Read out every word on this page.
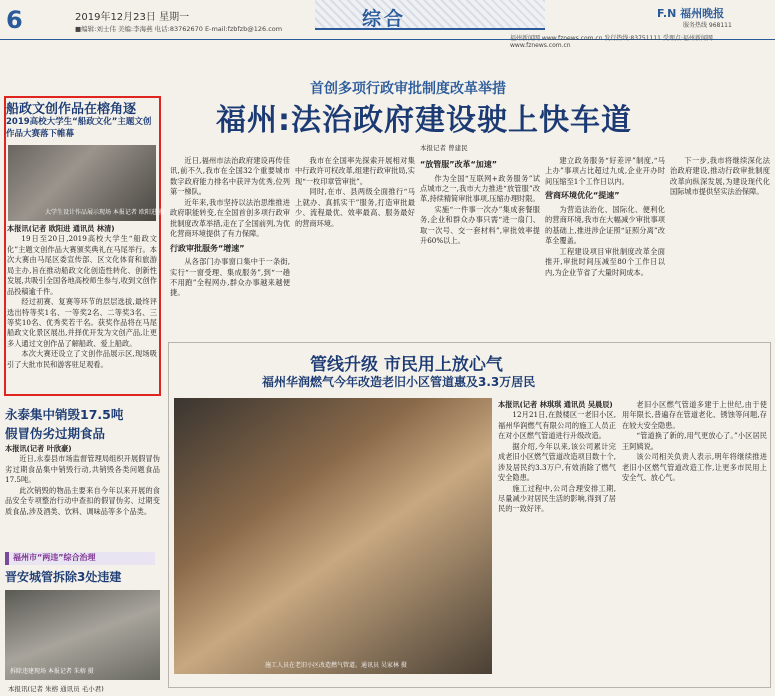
6	2019年12月23日 星期一
■编辑:刘士伟 美编:李海燕 电话:83762670 E-mail:fzbfzb@126.com	综合	F.N 福州晚报
服务热线 968111
福州新闻网 www.fznews.com.cn 发行热线:83751111 受理点:福州新闻网 www.fznews.com.cn
船政文创作品在榕角逐
2019高校大学生“船政文化”主题文创作品大赛落下帷幕
大学生设计作品展示现场 本报记者 欧阳进 摄

本报讯(记者 欧阳进 通讯员 林清)

19日至20日,2019高校大学生“船政文化”主题文创作品大赛颁奖典礼在马尾举行。本次大赛由马尾区委宣传部、区文化体育和旅游局主办,旨在推动船政文化创造性转化、创新性发展,共吸引全国各地高校师生参与,收到文创作品投稿逾千件。

经过初赛、复赛等环节的层层选拔,最终评选出特等奖1名、一等奖2名、二等奖3名、三等奖10名、优秀奖若干名。获奖作品将在马尾船政文化景区展出,并择优开发为文创产品,让更多人通过文创作品了解船政、爱上船政。

本次大赛还设立了文创作品展示区,现场吸引了大批市民和游客驻足观看。

永泰集中销毁17.5吨
假冒伪劣过期食品

本报讯(记者 叶欣豪)

近日,永泰县市场监督管理局组织开展假冒伪劣过期食品集中销毁行动,共销毁各类问题食品17.5吨。

此次销毁的物品主要来自今年以来开展的食品安全专项整治行动中查扣的假冒伪劣、过期变质食品,涉及酒类、饮料、调味品等多个品类。

福州市“两违”综合治理
晋安城管拆除3处违建
拆除违建现场 本报记者 朱榕 摄
本报讯(记者 朱榕 通讯员 毛小君)
首创多项行政审批制度改革举措
福州:法治政府建设驶上快车道
本报记者 曾建民

近日,福州市法治政府建设再传佳讯,前不久,我市在全国32个重要城市数字政府能力排名中获评为优秀,位列第一梯队。

近年来,我市坚持以法治思维推进政府职能转变,在全国首创多项行政审批制度改革举措,走在了全国前列,为优化营商环境提供了有力保障。

行政审批服务“增速”

从各部门办事窗口集中于一条街,实行“一窗受理、集成服务”,到“一趟不用跑”全程网办,群众办事越来越便捷。

我市在全国率先探索开展相对集中行政许可权改革,组建行政审批局,实现“一枚印章管审批”。

同时,在市、县两级全面推行“马上就办、真抓实干”服务,打造审批最少、流程最优、效率最高、服务最好的营商环境。

“放管服”改革“加速”

作为全国“互联网+政务服务”试点城市之一,我市大力推进“放管服”改革,持续精简审批事项,压缩办理时限。

实施“一件事一次办”集成套餐服务,企业和群众办事只需“进一扇门、取一次号、交一套材料”,审批效率提升60%以上。

建立政务服务“好差评”制度,“马上办”事项占比超过九成,企业开办时间压缩至1个工作日以内。

营商环境优化“提速”

为营造法治化、国际化、便利化的营商环境,我市在大幅减少审批事项的基础上,推进涉企证照“证照分离”改革全覆盖。

工程建设项目审批制度改革全面推开,审批时间压减至80个工作日以内,为企业节省了大量时间成本。

下一步,我市将继续深化法治政府建设,推动行政审批制度改革向纵深发展,为建设现代化国际城市提供坚实法治保障。

管线升级 市民用上放心气
福州华润燃气今年改造老旧小区管道惠及3.3万居民
施工人员在老旧小区改造燃气管道。通讯员 吴家林 摄

本报讯(记者 林琪琪 通讯员 吴晨辰)

12月21日,在鼓楼区一老旧小区,福州华润燃气有限公司的施工人员正在对小区燃气管道进行升级改造。

据介绍,今年以来,该公司累计完成老旧小区燃气管道改造项目数十个,涉及居民约3.3万户,有效消除了燃气安全隐患。

施工过程中,公司合理安排工期,尽量减少对居民生活的影响,得到了居民的一致好评。

老旧小区燃气管道多建于上世纪,由于使用年限长,普遍存在管道老化、锈蚀等问题,存在较大安全隐患。

“管道换了新的,用气更放心了。”小区居民王阿姨说。

该公司相关负责人表示,明年将继续推进老旧小区燃气管道改造工作,让更多市民用上安全气、放心气。
